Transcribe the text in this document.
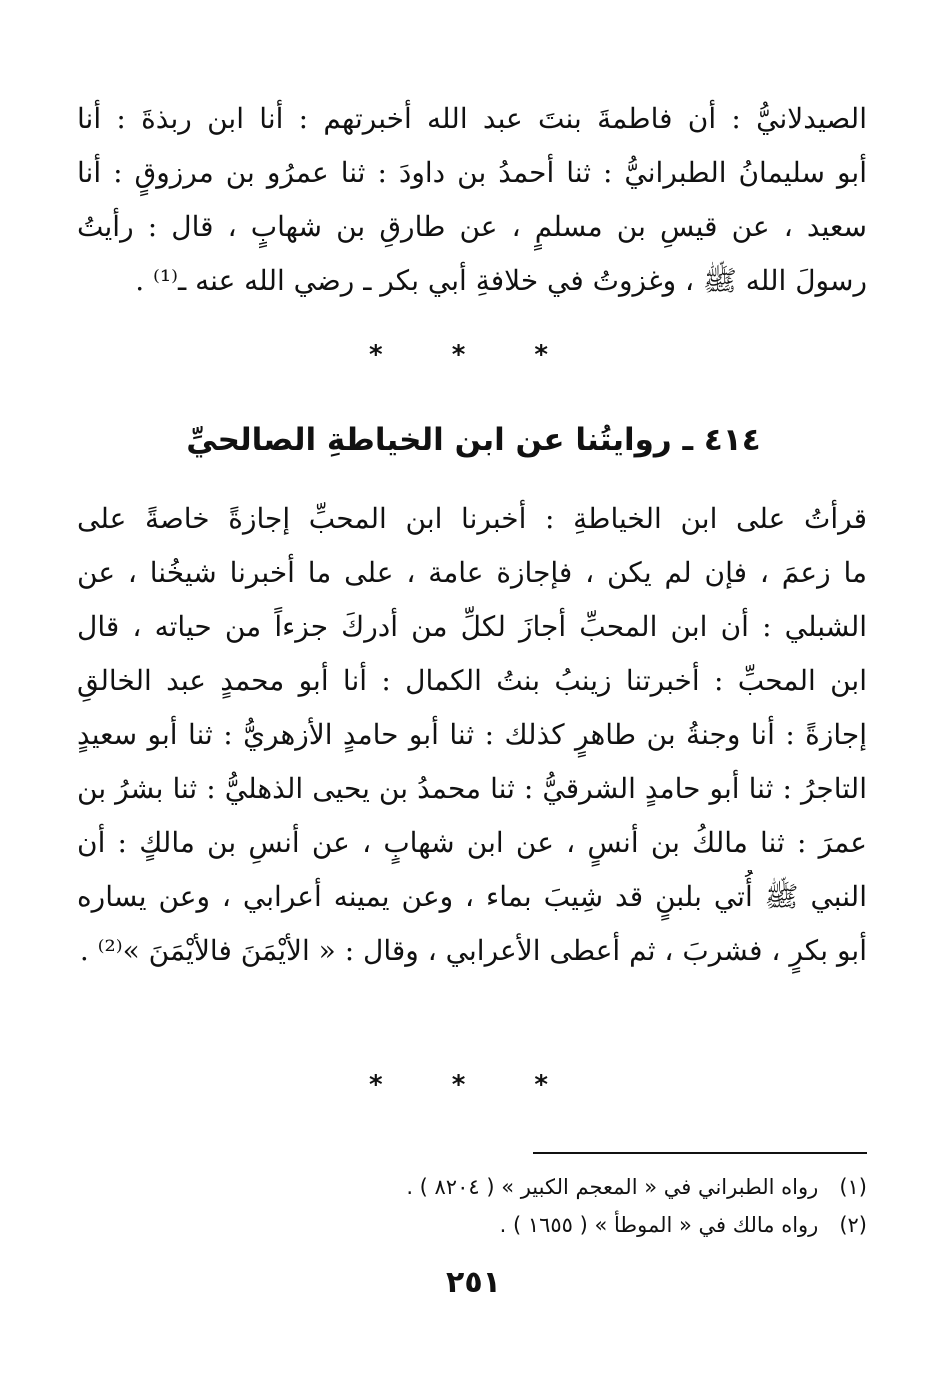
الصيدلانيُّ : أن فاطمةَ بنتَ عبد الله أخبرتهم : أنا ابن ربذةَ : أنا
أبو سليمانُ الطبرانيُّ : ثنا أحمدُ بن داودَ : ثنا عمرُو بن مرزوقٍ : أنا
سعيد ، عن قيسِ بن مسلمٍ ، عن طارقِ بن شهابٍ ، قال : رأيتُ
رسولَ الله ﷺ ، وغزوتُ في خلافةِ أبي بكر ـ رضي الله عنه ـ⁽¹⁾ .
* * *
٤١٤ ـ روايتُنا عن ابن الخياطةِ الصالحيِّ
قرأتُ على ابن الخياطةِ : أخبرنا ابن المحبِّ إجازةً خاصةً على
ما زعمَ ، فإن لم يكن ، فإجازة عامة ، على ما أخبرنا شيخُنا ، عن
الشبلي : أن ابن المحبِّ أجازَ لكلِّ من أدركَ جزءاً من حياته ، قال
ابن المحبِّ : أخبرتنا زينبُ بنتُ الكمال : أنا أبو محمدٍ عبد الخالقِ
إجازةً : أنا وجنةُ بن طاهرٍ كذلك : ثنا أبو حامدٍ الأزهريُّ : ثنا أبو سعيدٍ
التاجرُ : ثنا أبو حامدٍ الشرقيُّ : ثنا محمدُ بن يحيى الذهليُّ : ثنا بشرُ بن
عمرَ : ثنا مالكُ بن أنسٍ ، عن ابن شهابٍ ، عن أنسِ بن مالكٍ : أن
النبي ﷺ أُتي بلبنٍ قد شِيبَ بماء ، وعن يمينه أعرابي ، وعن يساره
أبو بكرٍ ، فشربَ ، ثم أعطى الأعرابي ، وقال : « الأيْمَنَ فالأيْمَنَ »⁽²⁾ .
* * *
(١) رواه الطبراني في « المعجم الكبير » ( ٨٢٠٤ ) .
(٢) رواه مالك في « الموطأ » ( ١٦٥٥ ) .
٢٥١
